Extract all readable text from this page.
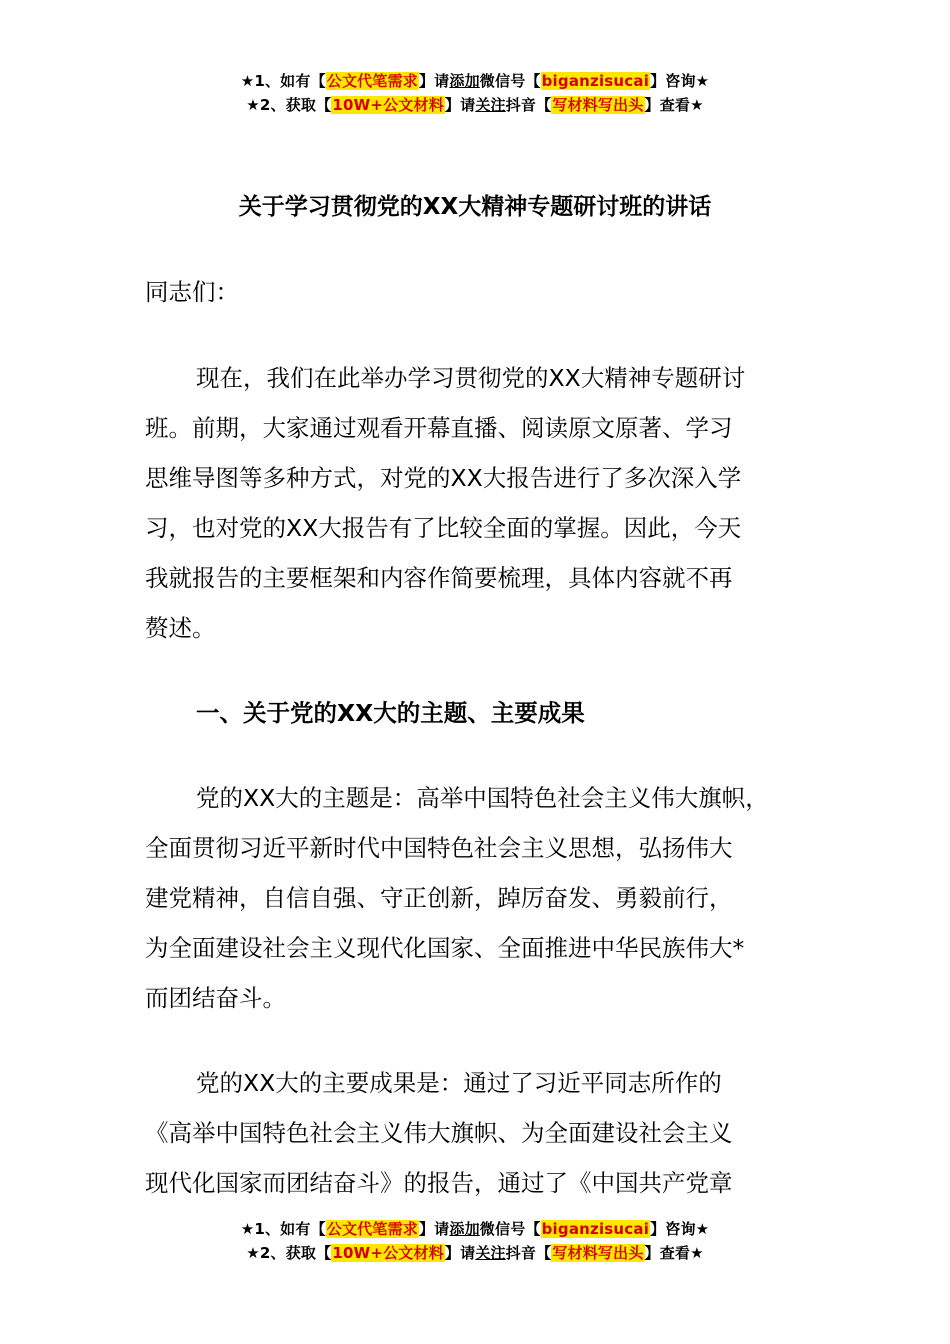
★1、如有【公文代笔需求】请添加微信号【biganzisucai】咨询★
★2、获取【10W+公文材料】请关注抖音【写材料写出头】查看★
关于学习贯彻党的XX大精神专题研讨班的讲话
同志们：
现在，我们在此举办学习贯彻党的XX大精神专题研讨
班。前期，大家通过观看开幕直播、阅读原文原著、学习
思维导图等多种方式，对党的XX大报告进行了多次深入学
习，也对党的XX大报告有了比较全面的掌握。因此，今天
我就报告的主要框架和内容作简要梳理，具体内容就不再
赘述。
一、关于党的XX大的主题、主要成果
党的XX大的主题是：高举中国特色社会主义伟大旗帜，
全面贯彻习近平新时代中国特色社会主义思想，弘扬伟大
建党精神，自信自强、守正创新，踔厉奋发、勇毅前行，
为全面建设社会主义现代化国家、全面推进中华民族伟大*
而团结奋斗。
党的XX大的主要成果是：通过了习近平同志所作的
《高举中国特色社会主义伟大旗帜、为全面建设社会主义
现代化国家而团结奋斗》的报告，通过了《中国共产党章
★1、如有【公文代笔需求】请添加微信号【biganzisucai】咨询★
★2、获取【10W+公文材料】请关注抖音【写材料写出头】查看★
